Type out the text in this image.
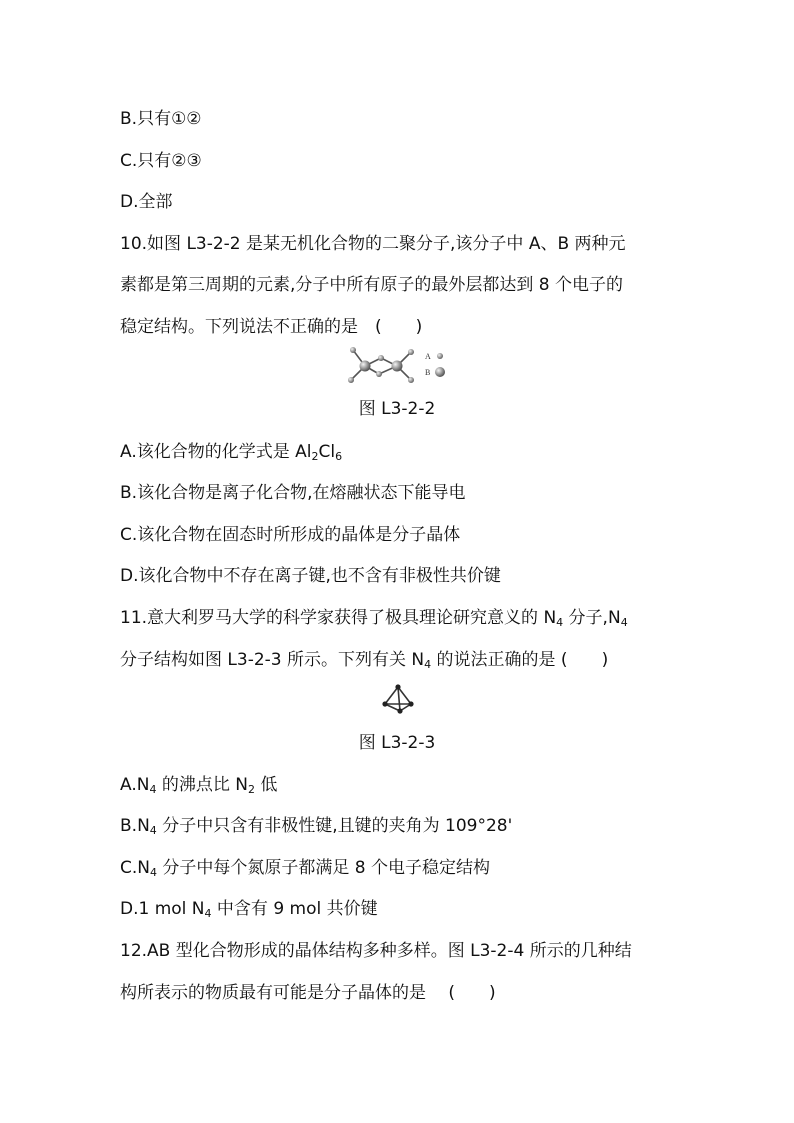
B.只有①②
C.只有②③
D.全部
10.如图 L3-2-2 是某无机化合物的二聚分子,该分子中 A、B 两种元
素都是第三周期的元素,分子中所有原子的最外层都达到 8 个电子的
稳定结构。下列说法不正确的是　(　　)
A
B
图 L3-2-2
A.该化合物的化学式是 $Al_2Cl_6$
B.该化合物是离子化合物,在熔融状态下能导电
C.该化合物在固态时所形成的晶体是分子晶体
D.该化合物中不存在离子键,也不含有非极性共价键
11.意大利罗马大学的科学家获得了极具理论研究意义的 $N_4$ 分子$,N_4$
分子结构如图 L3-2-3 所示。下列有关 $N_4$ 的说法正确的是 (　　)
图 L3-2-3
$A.N_4$ 的沸点比 $N_2$ 低
$B.N_4$ 分子中只含有非极性键,且键的夹角为 109°28'
$C.N_4$ 分子中每个氮原子都满足 8 个电子稳定结构
D.1 mol $N_4$ 中含有 9 mol 共价键
12.AB 型化合物形成的晶体结构多种多样。图 L3-2-4 所示的几种结
构所表示的物质最有可能是分子晶体的是　 (　　)
